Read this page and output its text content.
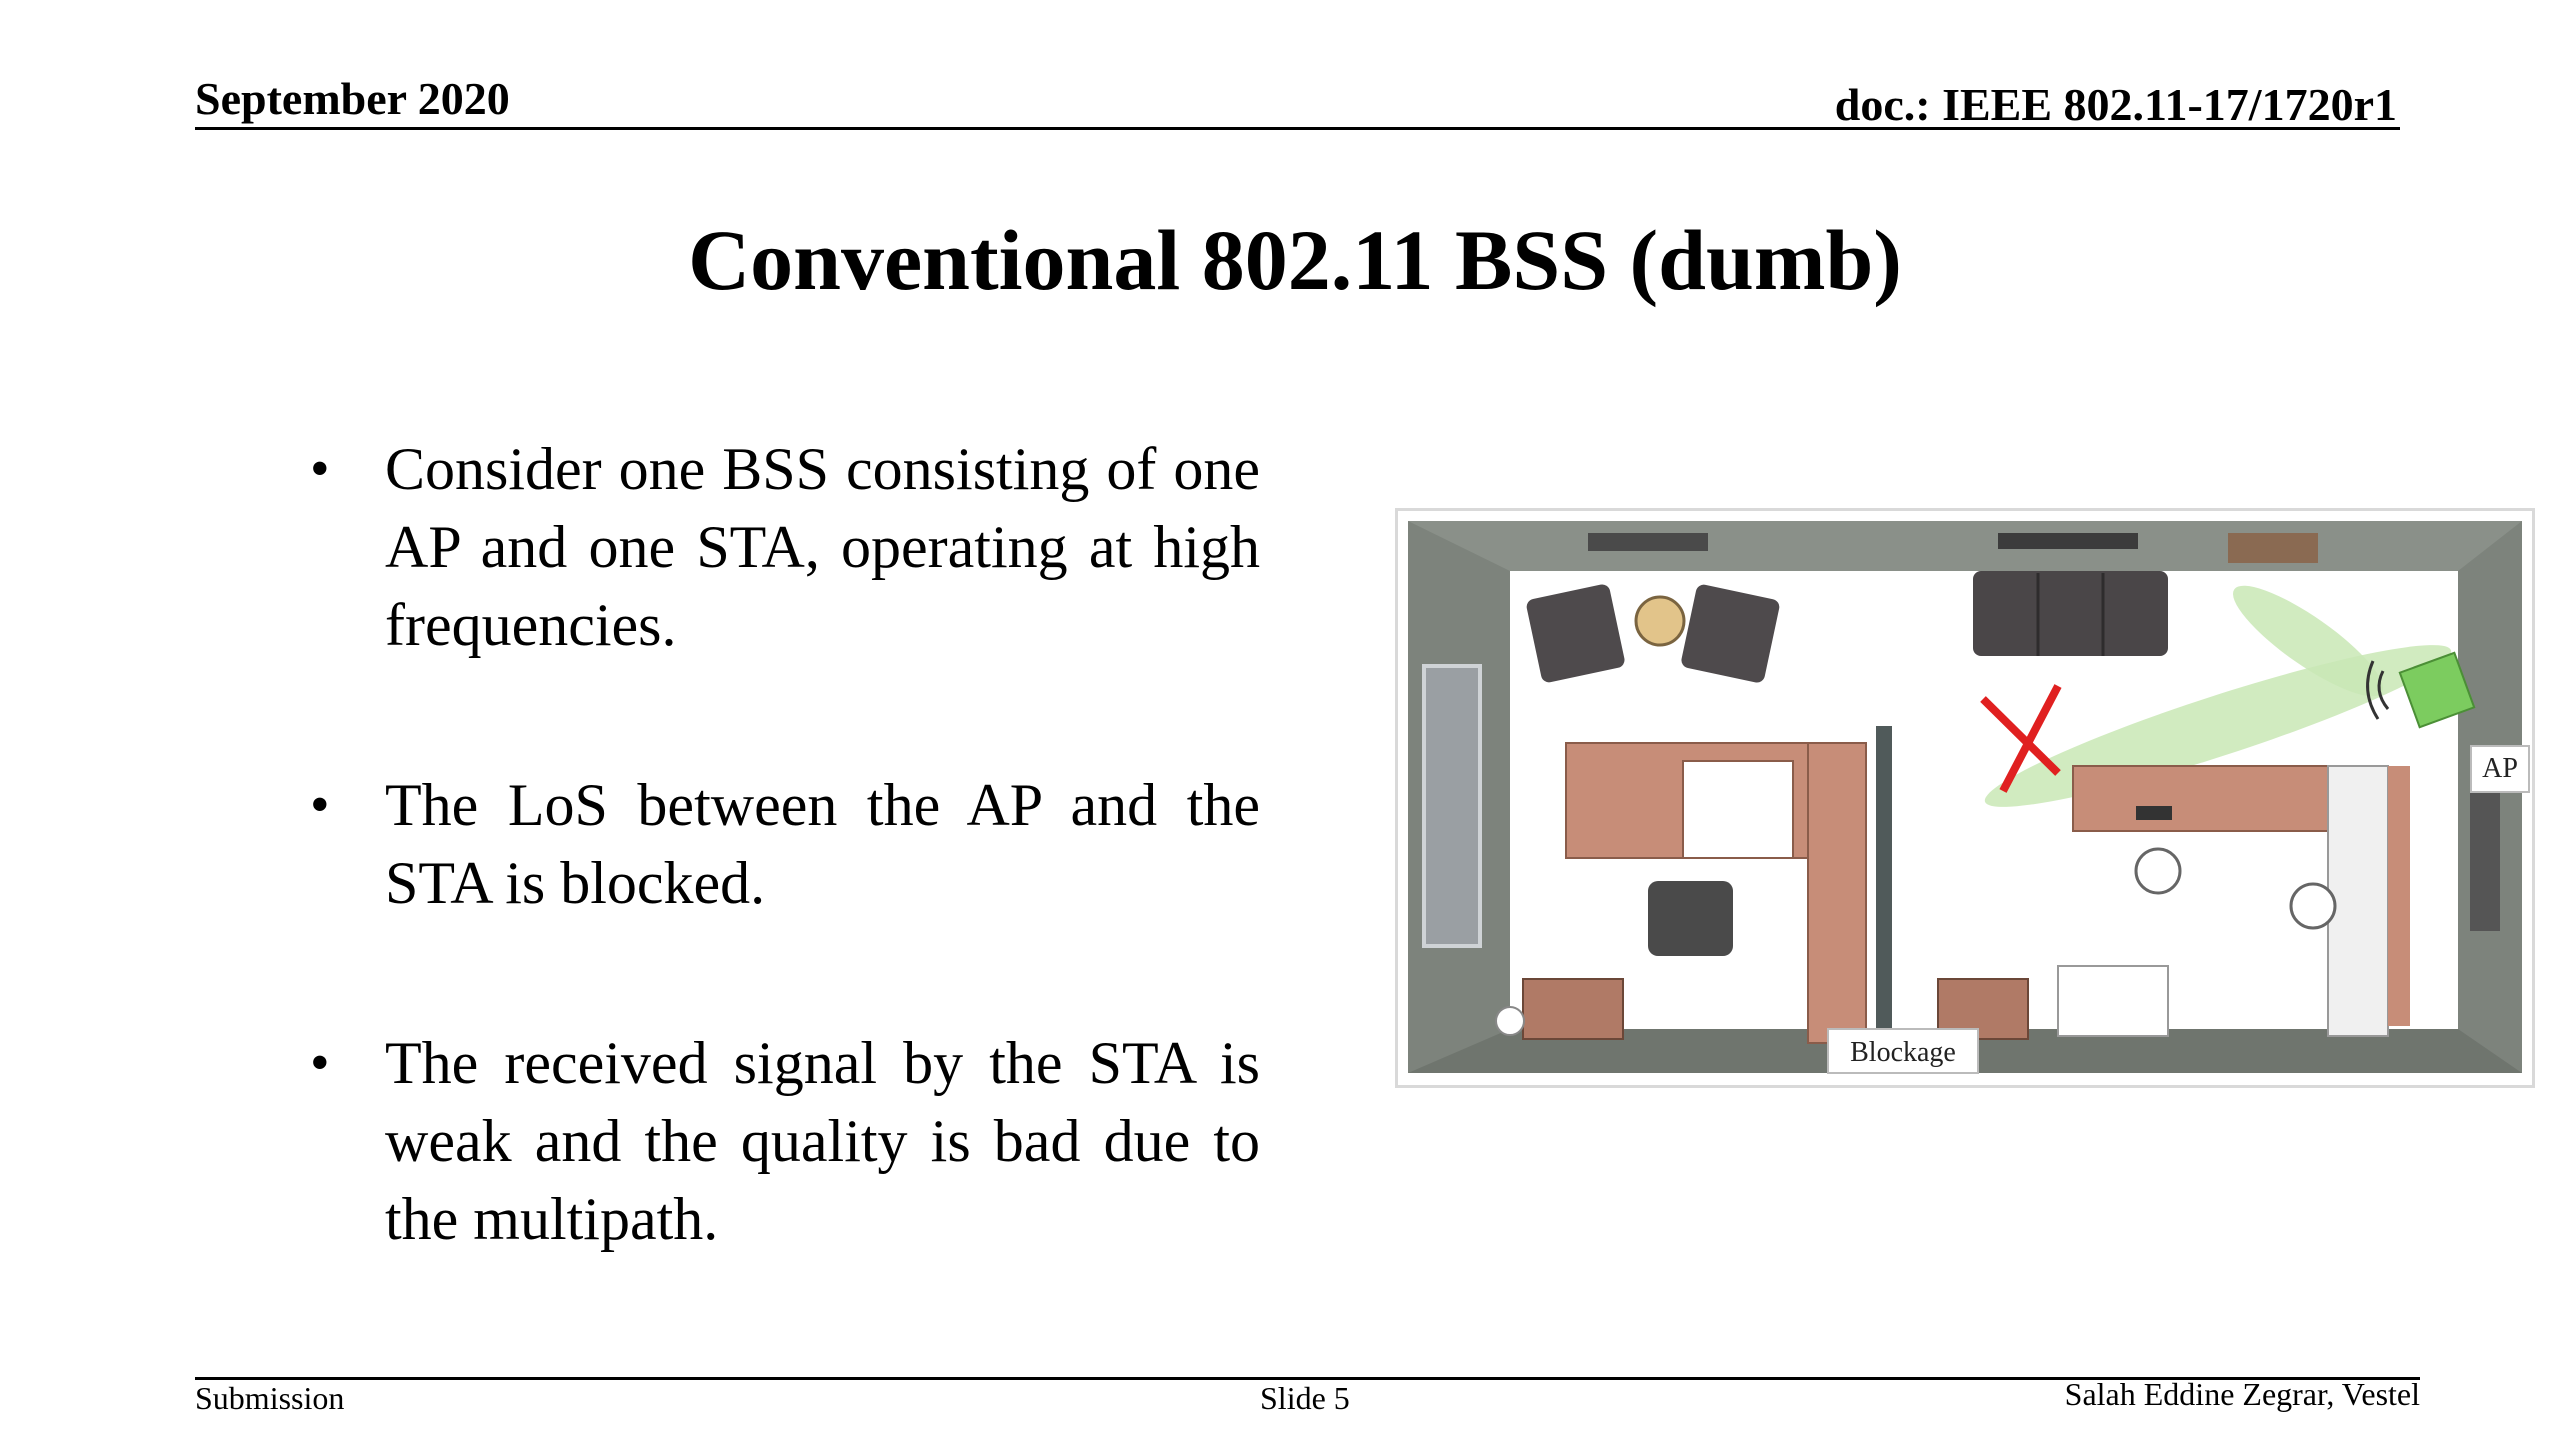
September 2020	doc.: IEEE 802.11-17/1720r1
Conventional 802.11 BSS (dumb)
• Consider one BSS consisting of one AP and one STA, operating at high frequencies.
• The LoS between the AP and the STA is blocked.
• The received signal by the STA is weak and the quality is bad due to the multipath.
AP
Blockage
Submission	Slide 5	Salah Eddine Zegrar, Vestel
